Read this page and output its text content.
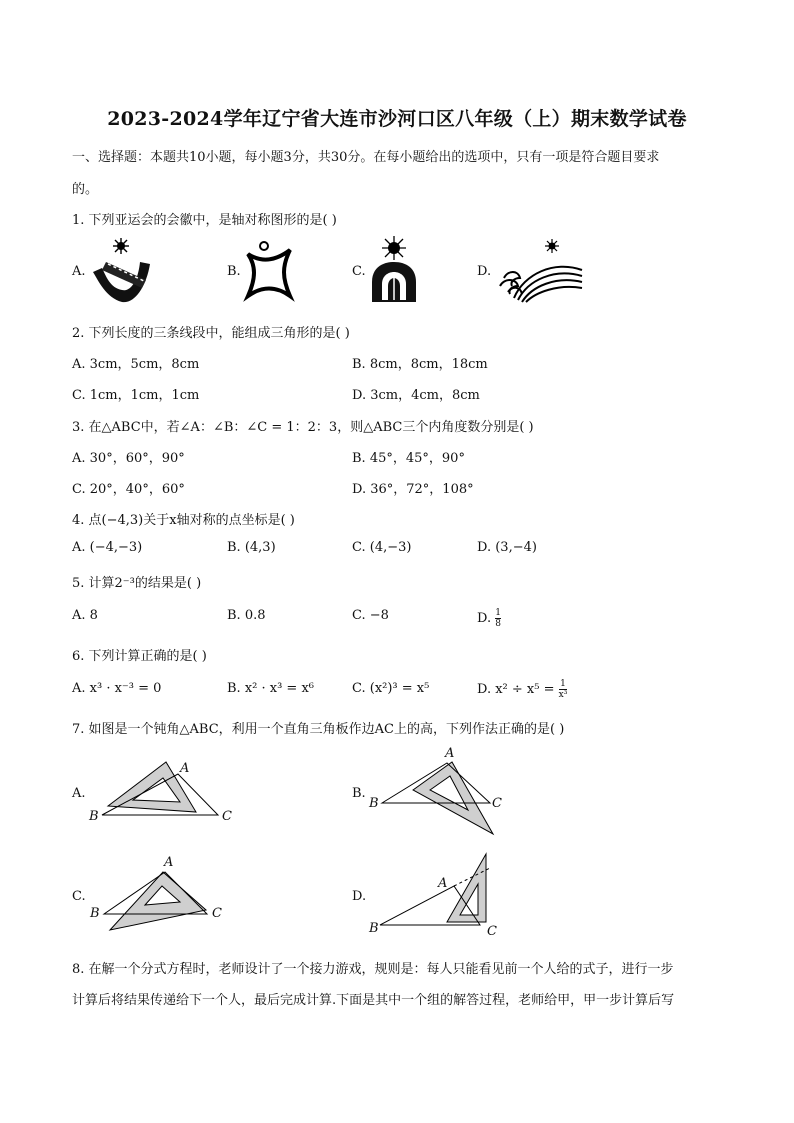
2023-2024学年辽宁省大连市沙河口区八年级（上）期末数学试卷
一、选择题：本题共10小题，每小题3分，共30分。在每小题给出的选项中，只有一项是符合题目要求
的。
1. 下列亚运会的会徽中，是轴对称图形的是( )
A.	B.	C.	D.
2. 下列长度的三条线段中，能组成三角形的是( )
A. 3cm，5cm，8cm	B. 8cm，8cm，18cm
C. 1cm，1cm，1cm	D. 3cm，4cm，8cm
3. 在△ABC中，若∠A：∠B：∠C = 1：2：3，则△ABC三个内角度数分别是( )
A. 30°，60°，90°	B. 45°，45°，90°
C. 20°，40°，60°	D. 36°，72°，108°
4. 点(−4,3)关于x轴对称的点坐标是( )
A. (−4,−3)	B. (4,3)	C. (4,−3)	D. (3,−4)
5. 计算2⁻³的结果是( )
A. 8	B. 0.8	C. −8	D. $\frac{1}{8}$
6. 下列计算正确的是( )
A. x³ · x⁻³ = 0	B. x² · x³ = x⁶	C. (x²)³ = x⁵	D. $x^2 \div x^5 = \frac{1}{\text{x³}}$
7. 如图是一个钝角△ABC，利用一个直角三角板作边AC上的高，下列作法正确的是( )
A.	B.
C.	D.
A
B	C
A
B	C
A
B	C
A
B	C
8. 在解一个分式方程时，老师设计了一个接力游戏，规则是：每人只能看见前一个人给的式子，进行一步
计算后将结果传递给下一个人，最后完成计算.下面是其中一个组的解答过程，老师给甲，甲一步计算后写
